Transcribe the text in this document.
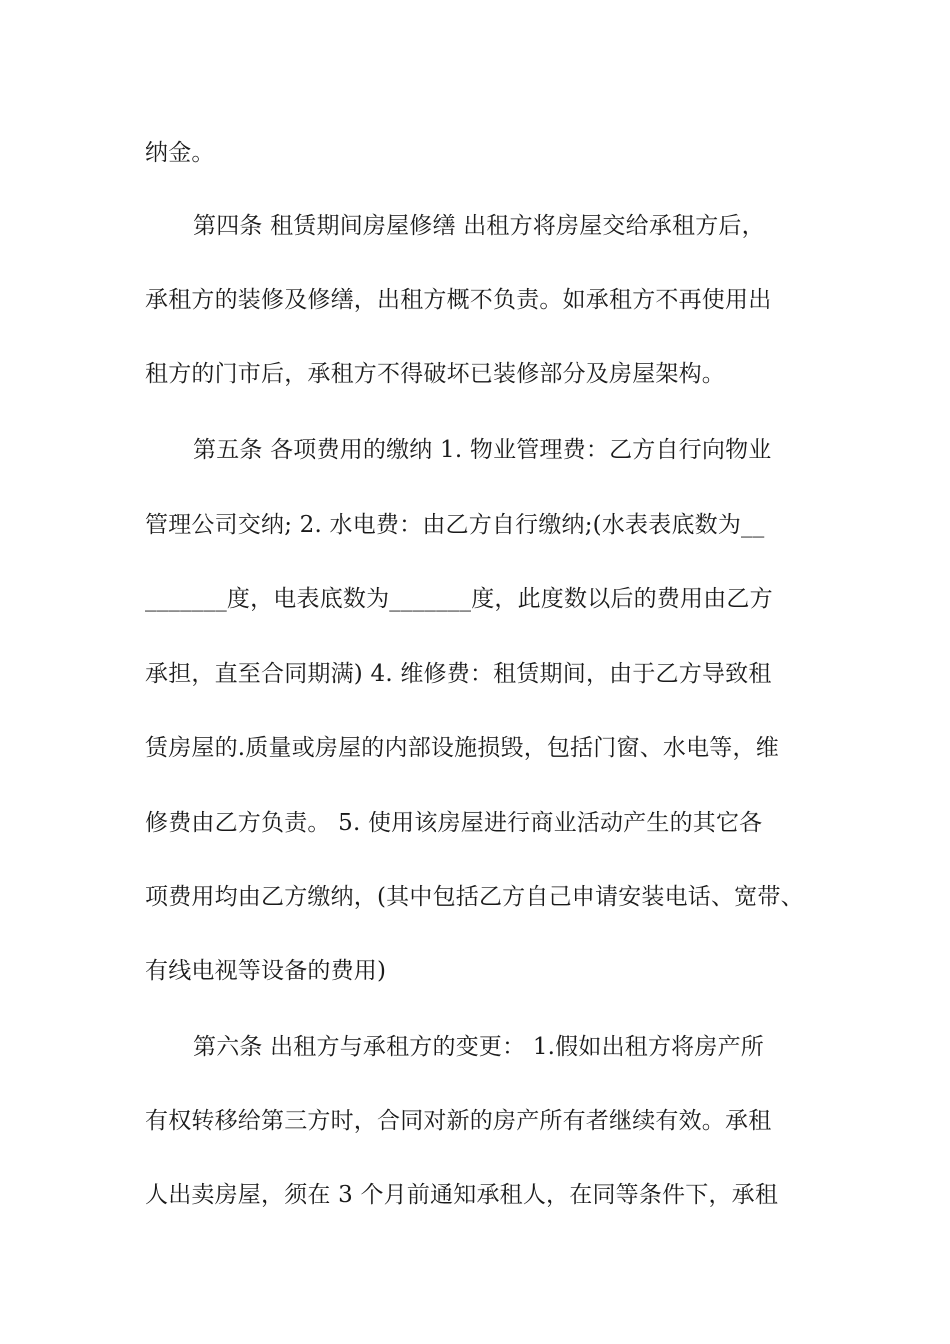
纳金。
第四条 租赁期间房屋修缮 出租方将房屋交给承租方后，
承租方的装修及修缮，出租方概不负责。如承租方不再使用出
租方的门市后，承租方不得破坏已装修部分及房屋架构。
第五条 各项费用的缴纳 1. 物业管理费：乙方自行向物业
管理公司交纳; 2. 水电费：由乙方自行缴纳;(水表表底数为__
_______度，电表底数为_______度，此度数以后的费用由乙方
承担，直至合同期满) 4. 维修费：租赁期间，由于乙方导致租
赁房屋的.质量或房屋的内部设施损毁，包括门窗、水电等，维
修费由乙方负责。 5. 使用该房屋进行商业活动产生的其它各
项费用均由乙方缴纳，(其中包括乙方自己申请安装电话、宽带、
有线电视等设备的费用)
第六条 出租方与承租方的变更： 1.假如出租方将房产所
有权转移给第三方时，合同对新的房产所有者继续有效。承租
人出卖房屋，须在 3 个月前通知承租人，在同等条件下，承租
